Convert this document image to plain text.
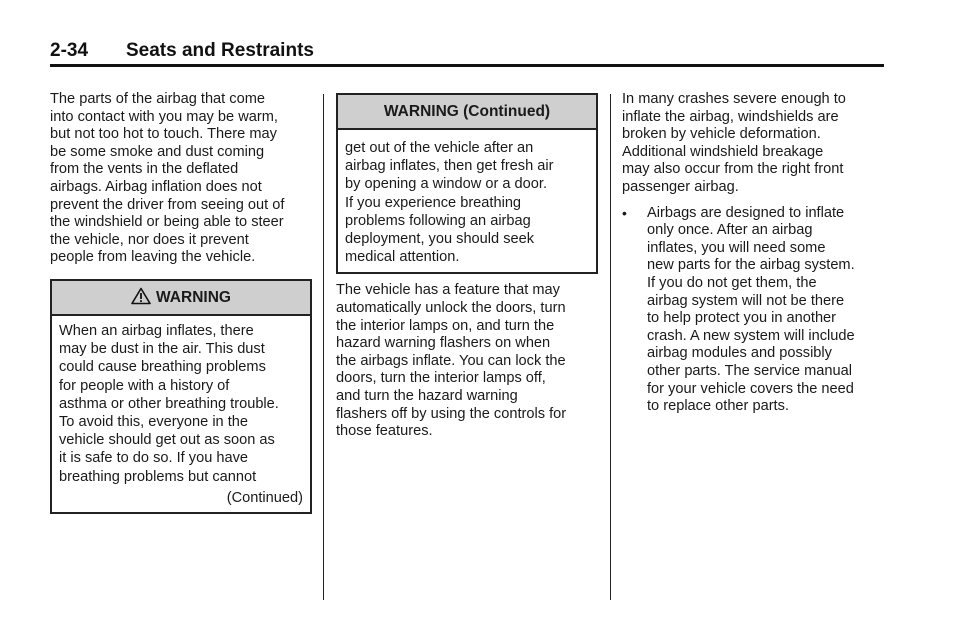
2-34 Seats and Restraints

The parts of the airbag that come
into contact with you may be warm,
but not too hot to touch. There may
be some smoke and dust coming
from the vents in the deflated
airbags. Airbag inflation does not
prevent the driver from seeing out of
the windshield or being able to steer
the vehicle, nor does it prevent
people from leaving the vehicle.

WARNING

When an airbag inflates, there
may be dust in the air. This dust
could cause breathing problems
for people with a history of
asthma or other breathing trouble.
To avoid this, everyone in the
vehicle should get out as soon as
it is safe to do so. If you have
breathing problems but cannot

(Continued)

WARNING (Continued)

get out of the vehicle after an
airbag inflates, then get fresh air
by opening a window or a door.
If you experience breathing
problems following an airbag
deployment, you should seek
medical attention.

The vehicle has a feature that may
automatically unlock the doors, turn
the interior lamps on, and turn the
hazard warning flashers on when
the airbags inflate. You can lock the
doors, turn the interior lamps off,
and turn the hazard warning
flashers off by using the controls for
those features.

In many crashes severe enough to
inflate the airbag, windshields are
broken by vehicle deformation.
Additional windshield breakage
may also occur from the right front
passenger airbag.

• Airbags are designed to inflate
only once. After an airbag
inflates, you will need some
new parts for the airbag system.
If you do not get them, the
airbag system will not be there
to help protect you in another
crash. A new system will include
airbag modules and possibly
other parts. The service manual
for your vehicle covers the need
to replace other parts.
